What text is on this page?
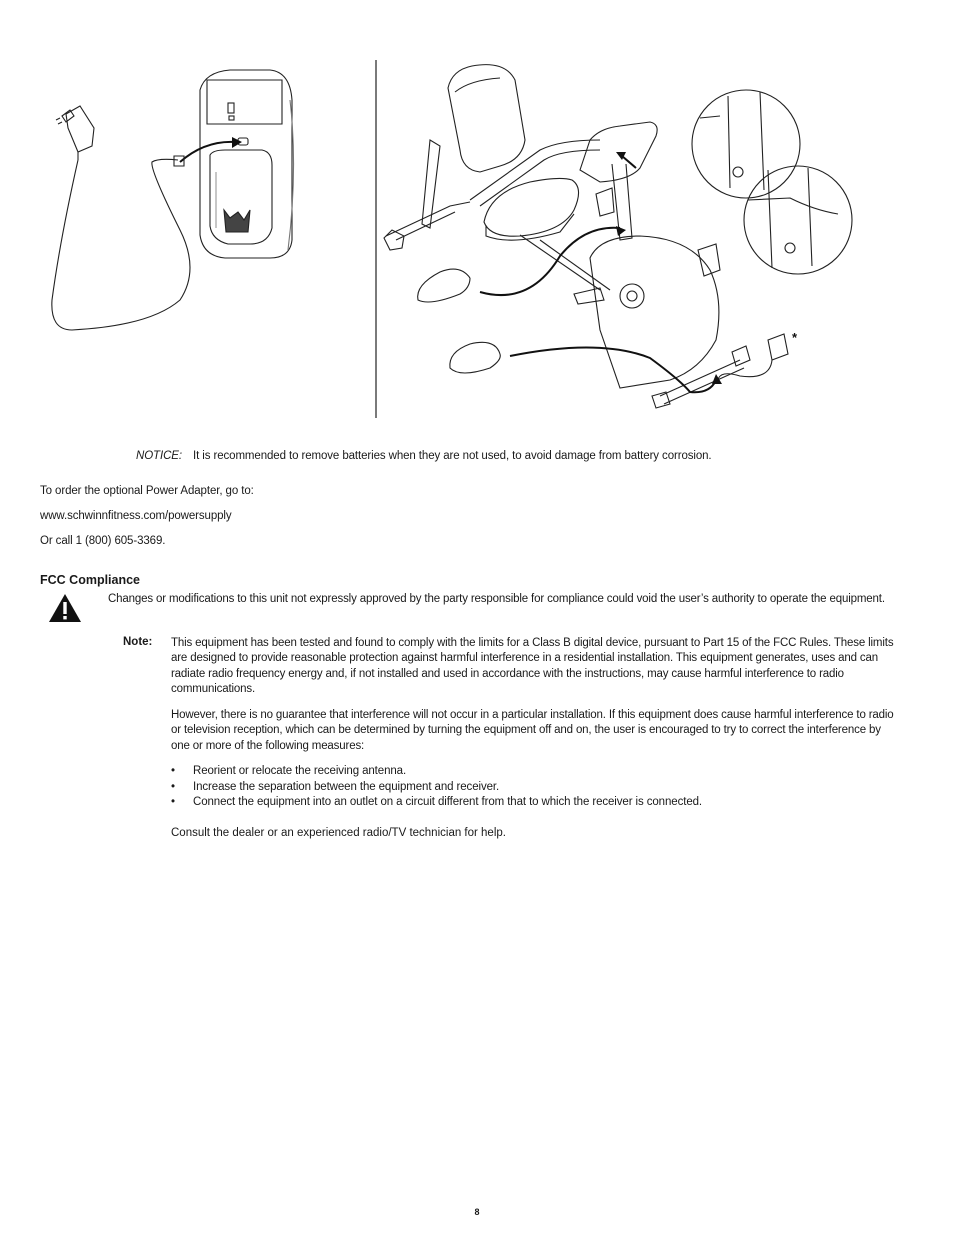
*
NOTICE: It is recommended to remove batteries when they are not used, to avoid damage from battery corrosion.
To order the optional Power Adapter, go to:
www.schwinnfitness.com/powersupply
Or call 1 (800) 605-3369.
FCC Compliance
Changes or modifications to this unit not expressly approved by the party responsible for compliance could void the user’s authority to operate the equipment.
Note: This equipment has been tested and found to comply with the limits for a Class B digital device, pursuant to Part 15 of the FCC Rules. These limits are designed to provide reasonable protection against harmful interference in a residential installation. This equipment generates, uses and can radiate radio frequency energy and, if not installed and used in accordance with the instructions, may cause harmful interference to radio communications.
However, there is no guarantee that interference will not occur in a particular installation. If this equipment does cause harmful interference to radio or television reception, which can be determined by turning the equipment off and on, the user is encouraged to try to correct the interference by one or more of the following measures:
• Reorient or relocate the receiving antenna.
• Increase the separation between the equipment and receiver.
• Connect the equipment into an outlet on a circuit different from that to which the receiver is connected.
Consult the dealer or an experienced radio/TV technician for help.
8
